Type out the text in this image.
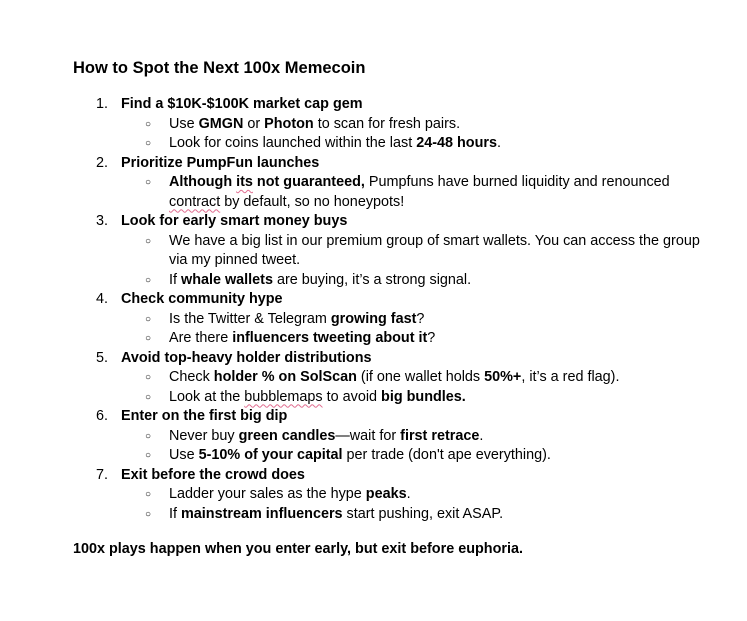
How to Spot the Next 100x Memecoin
1. Find a $10K-$100K market cap gem
○ Use GMGN or Photon to scan for fresh pairs.
○ Look for coins launched within the last 24-48 hours.
2. Prioritize PumpFun launches
○ Although its not guaranteed, Pumpfuns have burned liquidity and renounced contract by default, so no honeypots!
3. Look for early smart money buys
○ We have a big list in our premium group of smart wallets. You can access the group via my pinned tweet.
○ If whale wallets are buying, it’s a strong signal.
4. Check community hype
○ Is the Twitter & Telegram growing fast?
○ Are there influencers tweeting about it?
5. Avoid top-heavy holder distributions
○ Check holder % on SolScan (if one wallet holds 50%+, it’s a red flag).
○ Look at the bubblemaps to avoid big bundles.
6. Enter on the first big dip
○ Never buy green candles—wait for first retrace.
○ Use 5-10% of your capital per trade (don't ape everything).
7. Exit before the crowd does
○ Ladder your sales as the hype peaks.
○ If mainstream influencers start pushing, exit ASAP.
100x plays happen when you enter early, but exit before euphoria.
